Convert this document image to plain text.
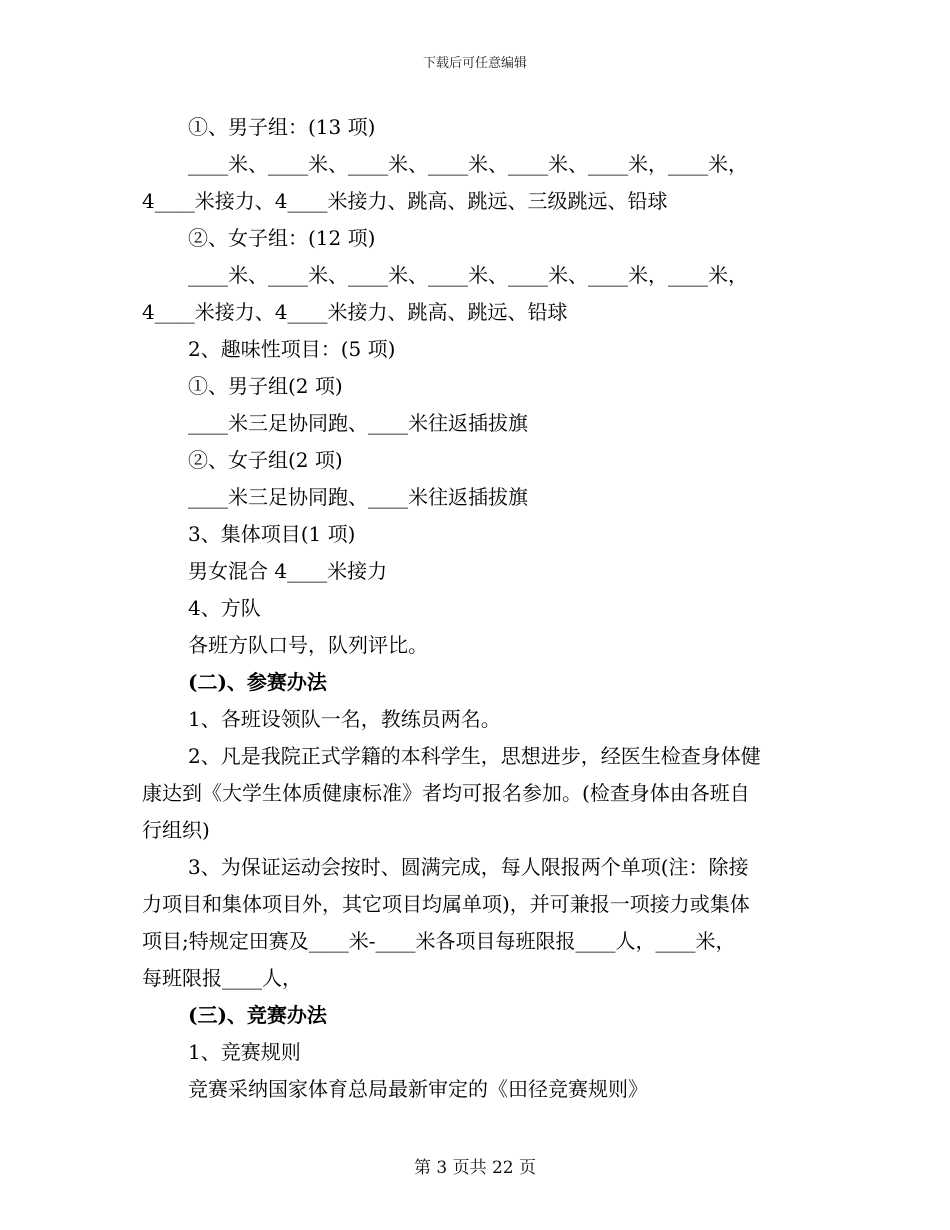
下载后可任意编辑
①、男子组：(13 项)
____米、____米、____米、____米、____米、____米，____米，
4____米接力、4____米接力、跳高、跳远、三级跳远、铅球
②、女子组：(12 项)
____米、____米、____米、____米、____米、____米，____米，
4____米接力、4____米接力、跳高、跳远、铅球
2、趣味性项目：(5 项)
①、男子组(2 项)
____米三足协同跑、____米往返插拔旗
②、女子组(2 项)
____米三足协同跑、____米往返插拔旗
3、集体项目(1 项)
男女混合 4____米接力
4、方队
各班方队口号，队列评比。
(二)、参赛办法
1、各班设领队一名，教练员两名。
2、凡是我院正式学籍的本科学生，思想进步，经医生检查身体健
康达到《大学生体质健康标准》者均可报名参加。(检查身体由各班自
行组织)
3、为保证运动会按时、圆满完成，每人限报两个单项(注：除接
力项目和集体项目外，其它项目均属单项)，并可兼报一项接力或集体
项目;特规定田赛及____米-____米各项目每班限报____人，____米，
每班限报____人，
(三)、竞赛办法
1、竞赛规则
竞赛采纳国家体育总局最新审定的《田径竞赛规则》
第 3 页共 22 页
